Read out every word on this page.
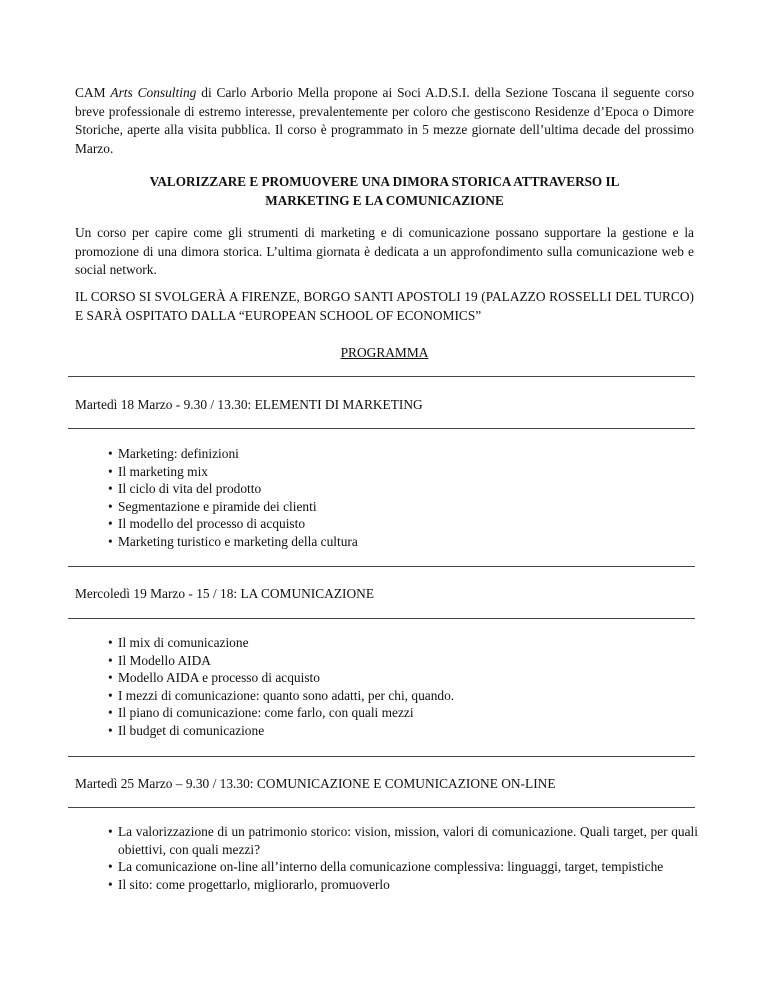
CAM Arts Consulting di Carlo Arborio Mella propone ai Soci A.D.S.I. della Sezione Toscana il seguente corso breve professionale di estremo interesse, prevalentemente per coloro che gestiscono Residenze d’Epoca o Dimore Storiche, aperte alla visita pubblica. Il corso è programmato in 5 mezze giornate dell’ultima decade del prossimo Marzo.

VALORIZZARE E PROMUOVERE UNA DIMORA STORICA ATTRAVERSO IL
MARKETING E LA COMUNICAZIONE

Un corso per capire come gli strumenti di marketing e di comunicazione possano supportare la gestione e la promozione di una dimora storica. L’ultima giornata è dedicata a un approfondimento sulla comunicazione web e social network.

IL CORSO SI SVOLGERÀ A FIRENZE, BORGO SANTI APOSTOLI 19 (PALAZZO ROSSELLI DEL TURCO) E SARÀ OSPITATO DALLA “EUROPEAN SCHOOL OF ECONOMICS”

PROGRAMMA
Martedì 18 Marzo - 9.30 / 13.30: ELEMENTI DI MARKETING
• Marketing: definizioni
• Il marketing mix
• Il ciclo di vita del prodotto
• Segmentazione e piramide dei clienti
• Il modello del processo di acquisto
• Marketing turistico e marketing della cultura
Mercoledì 19 Marzo - 15 / 18: LA COMUNICAZIONE
• Il mix di comunicazione
• Il Modello AIDA
• Modello AIDA e processo di acquisto
• I mezzi di comunicazione: quanto sono adatti, per chi, quando.
• Il piano di comunicazione: come farlo, con quali mezzi
• Il budget di comunicazione
Martedì 25 Marzo – 9.30 / 13.30: COMUNICAZIONE E COMUNICAZIONE ON-LINE
• La valorizzazione di un patrimonio storico: vision, mission, valori di comunicazione. Quali target, per quali obiettivi, con quali mezzi?
• La comunicazione on-line all’interno della comunicazione complessiva: linguaggi, target, tempistiche
• Il sito: come progettarlo, migliorarlo, promuoverlo
